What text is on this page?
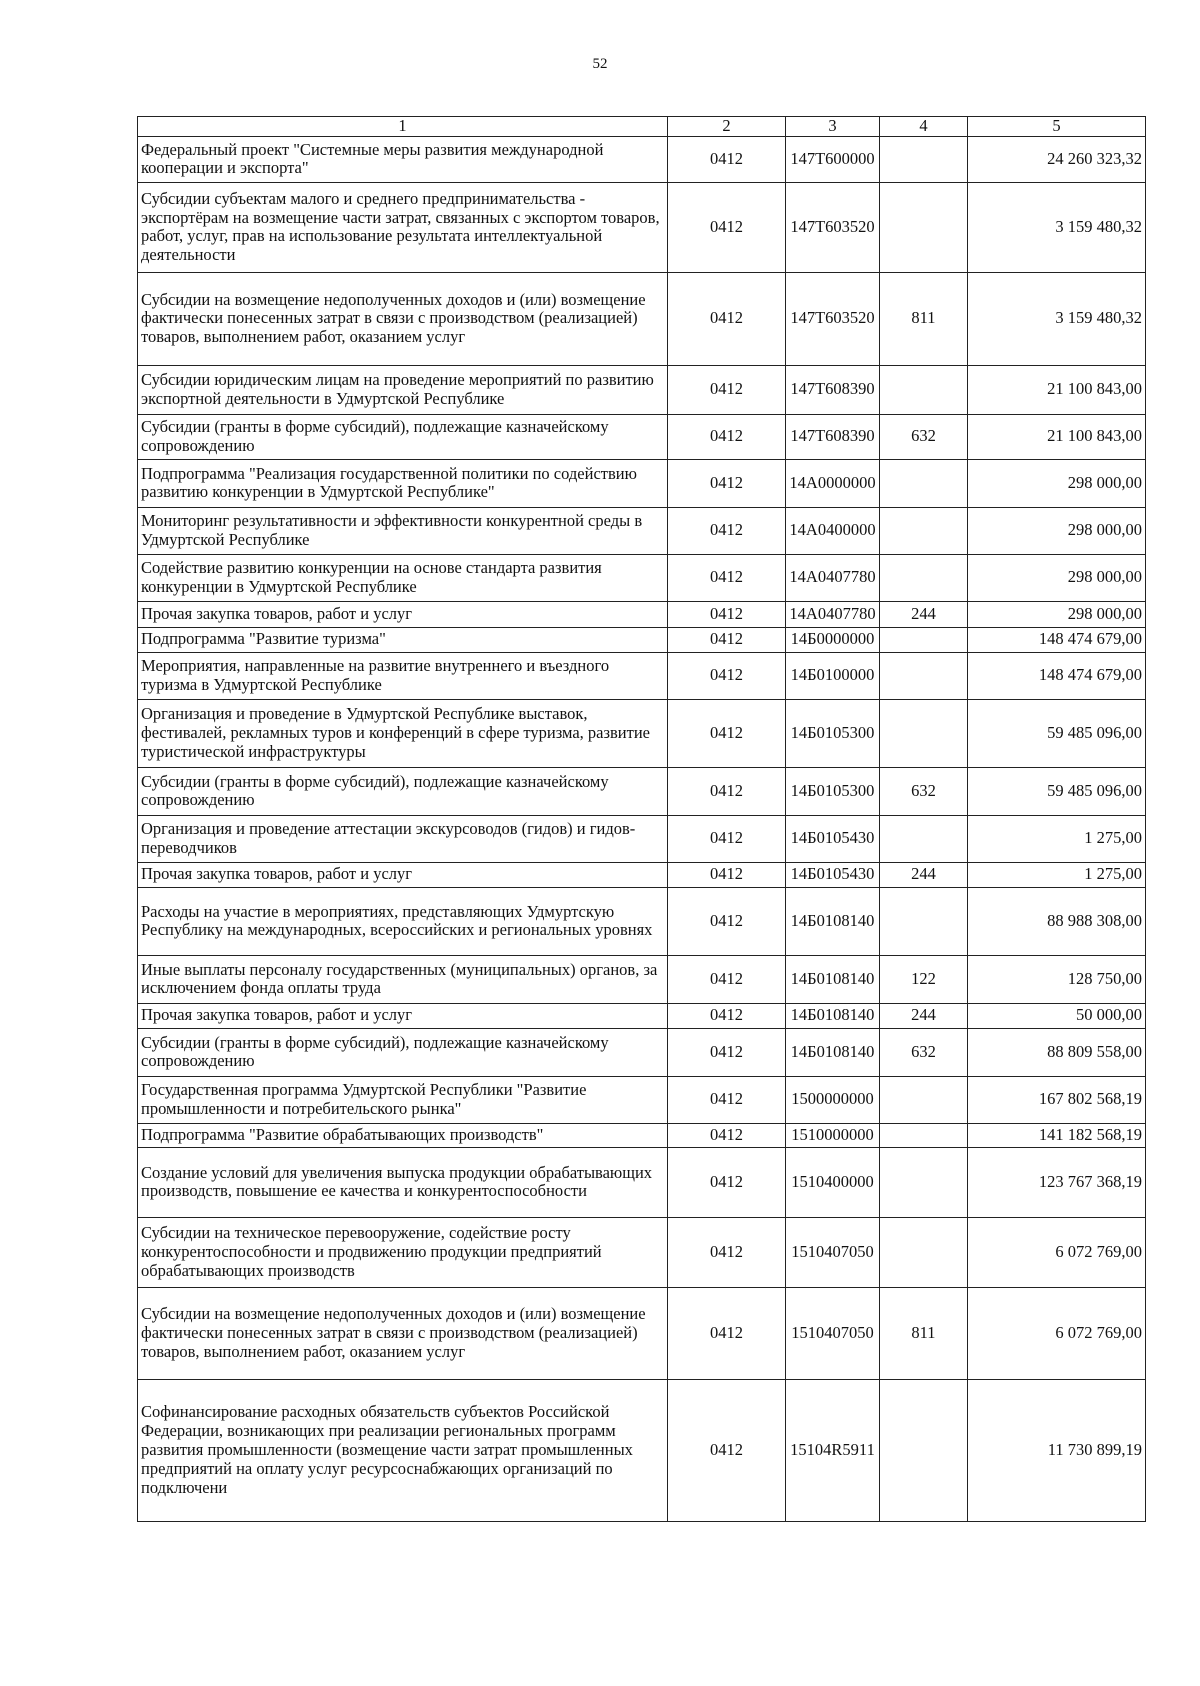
52
1	2	3	4	5
Федеральный проект "Системные меры развития международной кооперации и экспорта"	0412	147Т600000		24 260 323,32
Субсидии субъектам малого и среднего предпринимательства - экспортёрам на возмещение части затрат, связанных с экспортом товаров, работ, услуг, прав на использование результата интеллектуальной деятельности	0412	147Т603520		3 159 480,32
Субсидии на возмещение недополученных доходов и (или) возмещение фактически понесенных затрат в связи с производством (реализацией) товаров, выполнением работ, оказанием услуг	0412	147Т603520	811	3 159 480,32
Субсидии юридическим лицам на проведение мероприятий по развитию экспортной деятельности в Удмуртской Республике	0412	147Т608390		21 100 843,00
Субсидии (гранты в форме субсидий), подлежащие казначейскому сопровождению	0412	147Т608390	632	21 100 843,00
Подпрограмма "Реализация государственной политики по содействию развитию конкуренции в Удмуртской Республике"	0412	14А0000000		298 000,00
Мониторинг результативности и эффективности конкурентной среды в Удмуртской Республике	0412	14А0400000		298 000,00
Содействие развитию конкуренции на основе стандарта развития конкуренции в Удмуртской Республике	0412	14А0407780		298 000,00
Прочая закупка товаров, работ и услуг	0412	14А0407780	244	298 000,00
Подпрограмма "Развитие туризма"	0412	14Б0000000		148 474 679,00
Мероприятия, направленные на развитие внутреннего и въездного туризма в Удмуртской Республике	0412	14Б0100000		148 474 679,00
Организация и проведение в Удмуртской Республике выставок, фестивалей, рекламных туров и конференций в сфере туризма, развитие туристической инфраструктуры	0412	14Б0105300		59 485 096,00
Субсидии (гранты в форме субсидий), подлежащие казначейскому сопровождению	0412	14Б0105300	632	59 485 096,00
Организация и проведение аттестации экскурсоводов (гидов) и гидов-переводчиков	0412	14Б0105430		1 275,00
Прочая закупка товаров, работ и услуг	0412	14Б0105430	244	1 275,00
Расходы на участие в мероприятиях, представляющих Удмуртскую Республику на международных, всероссийских и региональных уровнях	0412	14Б0108140		88 988 308,00
Иные выплаты персоналу государственных (муниципальных) органов, за исключением фонда оплаты труда	0412	14Б0108140	122	128 750,00
Прочая закупка товаров, работ и услуг	0412	14Б0108140	244	50 000,00
Субсидии (гранты в форме субсидий), подлежащие казначейскому сопровождению	0412	14Б0108140	632	88 809 558,00
Государственная программа Удмуртской Республики "Развитие промышленности и потребительского рынка"	0412	1500000000		167 802 568,19
Подпрограмма "Развитие обрабатывающих производств"	0412	1510000000		141 182 568,19
Создание условий для увеличения выпуска продукции обрабатывающих производств, повышение ее качества и конкурентоспособности	0412	1510400000		123 767 368,19
Субсидии на техническое перевооружение, содействие росту конкурентоспособности и продвижению продукции предприятий обрабатывающих производств	0412	1510407050		6 072 769,00
Субсидии на возмещение недополученных доходов и (или) возмещение фактически понесенных затрат в связи с производством (реализацией) товаров, выполнением работ, оказанием услуг	0412	1510407050	811	6 072 769,00
Софинансирование расходных обязательств субъектов Российской Федерации, возникающих при реализации региональных программ развития промышленности (возмещение части затрат промышленных предприятий на оплату услуг ресурсоснабжающих организаций по подключени	0412	15104R5911		11 730 899,19
